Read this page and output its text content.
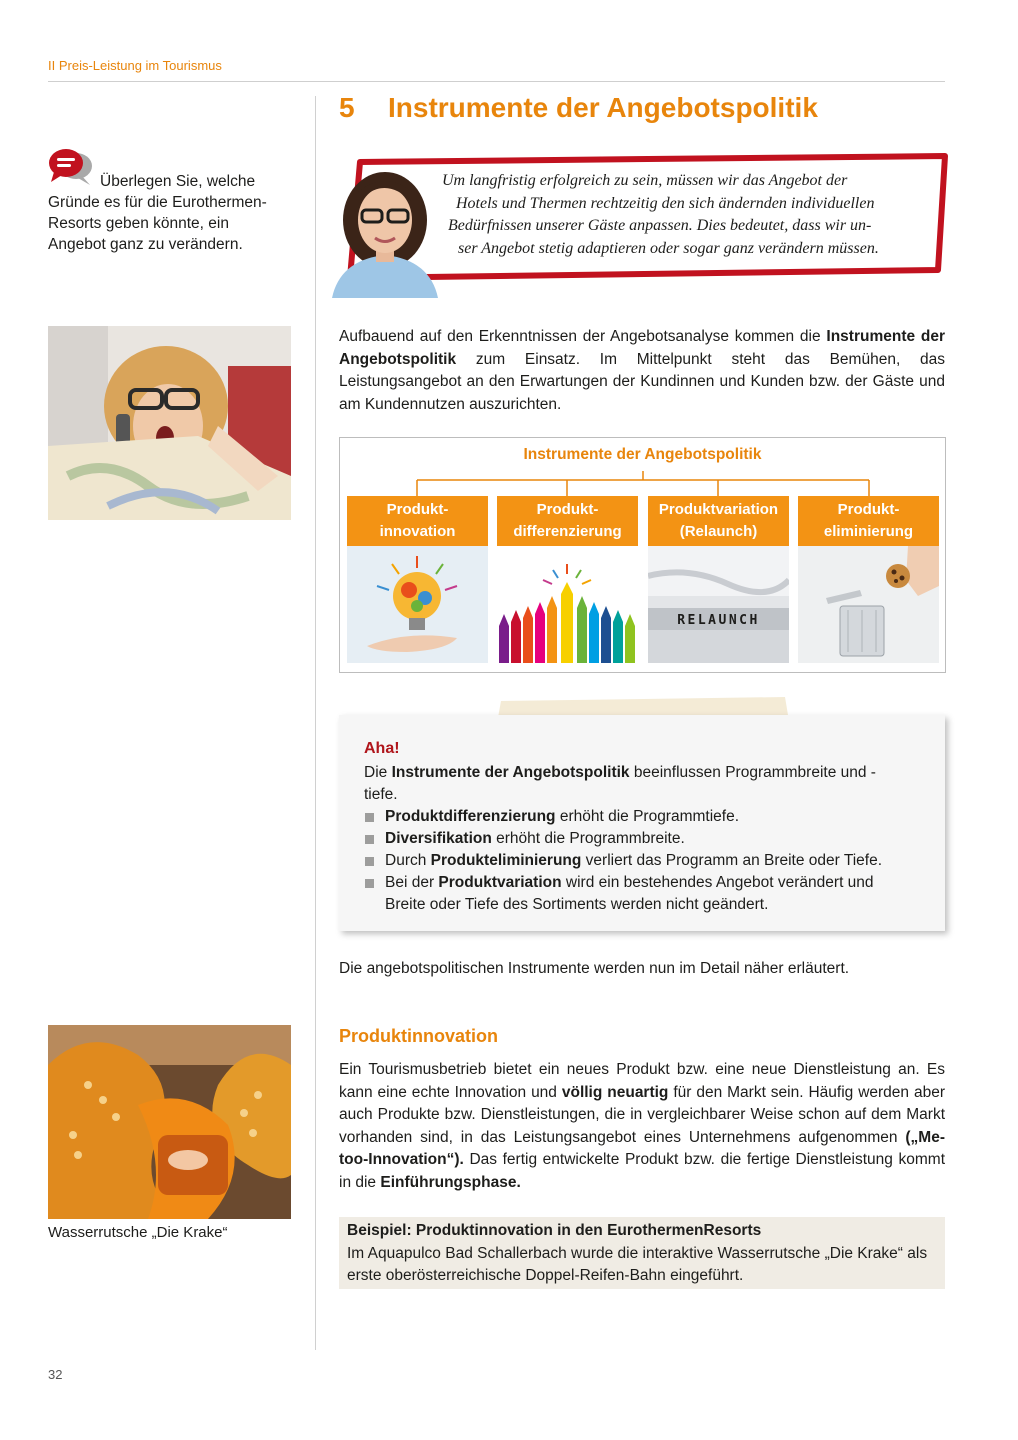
II Preis-Leistung im Tourismus
5 Instrumente der Angebotspolitik
Überlegen Sie, welche Gründe es für die Eurothermen-Resorts geben könnte, ein Angebot ganz zu verändern.
Wasserrutsche „Die Krake“

Um langfristig erfolgreich zu sein, müssen wir das Angebot der

Hotels und Thermen rechtzeitig den sich ändernden individuellen

Bedürfnissen unserer Gäste anpassen. Dies bedeutet, dass wir un-

ser Angebot stetig adaptieren oder sogar ganz verändern müssen.

Aufbauend auf den Erkenntnissen der Angebotsanalyse kommen die Instrumente der Angebotspolitik zum Einsatz. Im Mittelpunkt steht das Bemühen, das Leistungsangebot an den Erwartungen der Kundinnen und Kunden bzw. der Gäste und am Kundennutzen auszurichten.

Instrumente der Angebotspolitik
Produkt-
innovation
Produkt-
differenzierung
Produktvariation
(Relaunch)
RELAUNCH
Produkt-
eliminierung
Aha!

Die Instrumente der Angebotspolitik beeinflussen Programmbreite und -tiefe.

Produktdifferenzierung erhöht die Programmtiefe.
Diversifikation erhöht die Programmbreite.
Durch Produkteliminierung verliert das Programm an Breite oder Tiefe.
Bei der Produktvariation wird ein bestehendes Angebot verändert und Breite oder Tiefe des Sortiments werden nicht geändert.

Die angebotspolitischen Instrumente werden nun im Detail näher erläutert.

Produktinnovation

Ein Tourismusbetrieb bietet ein neues Produkt bzw. eine neue Dienstleistung an. Es kann eine echte Innovation und völlig neuartig für den Markt sein. Häufig werden aber auch Produkte bzw. Dienstleistungen, die in vergleichbarer Weise schon auf dem Markt vorhanden sind, in das Leistungsangebot eines Unternehmens aufgenommen („Me-too-Innovation“). Das fertig entwickelte Produkt bzw. die fertige Dienstleistung kommt in die Einführungsphase.

Beispiel: Produktinnovation in den EurothermenResorts
Im Aquapulco Bad Schallerbach wurde die interaktive Wasserrutsche „Die Krake“ als erste oberösterreichische Doppel-Reifen-Bahn eingeführt.
32
